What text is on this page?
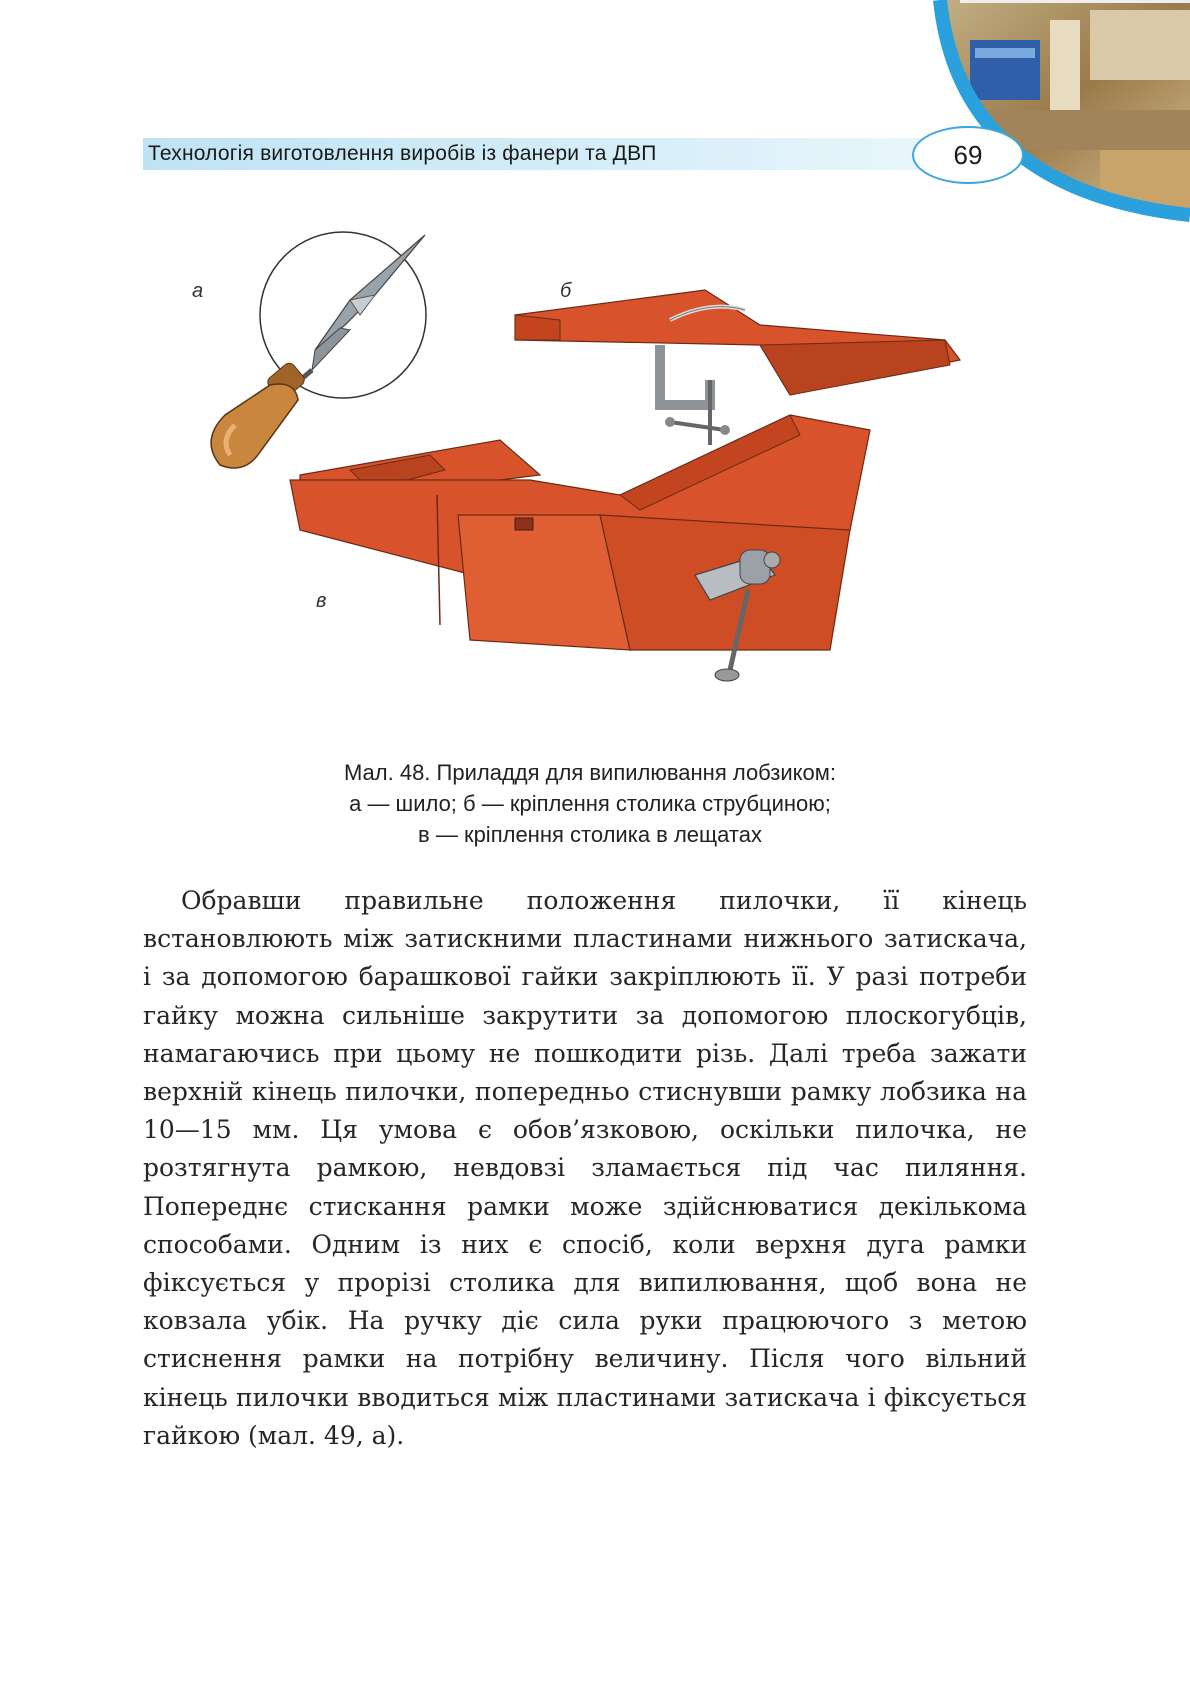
Технологія виготовлення виробів із фанери та ДВП	69
а	б
в
Мал. 48. Приладдя для випилювання лобзиком:
а — шило; б — кріплення столика струбциною;
в — кріплення столика в лещатах
Обравши правильне положення пилочки, її кінець встановлюють між затискними пластинами нижнього затискача, і за допомогою барашкової гайки закріплюють її. У разі потреби гайку можна сильніше закрутити за допомогою плоскогубців, намагаючись при цьому не пошкодити різь. Далі треба зажати верхній кінець пилочки, попередньо стиснувши рамку лобзика на 10—15 мм. Ця умова є обов’язковою, оскільки пилочка, не розтягнута рамкою, невдовзі зламається під час пиляння. Попереднє стискання рамки може здійснюватися декількома способами. Одним із них є спосіб, коли верхня дуга рамки фіксується у прорізі столика для випилювання, щоб вона не ковзала убік. На ручку діє сила руки працюючого з метою стиснення рамки на потрібну величину. Після чого вільний кінець пилочки вводиться між пластинами затискача і фіксується гайкою (мал. 49, а).
